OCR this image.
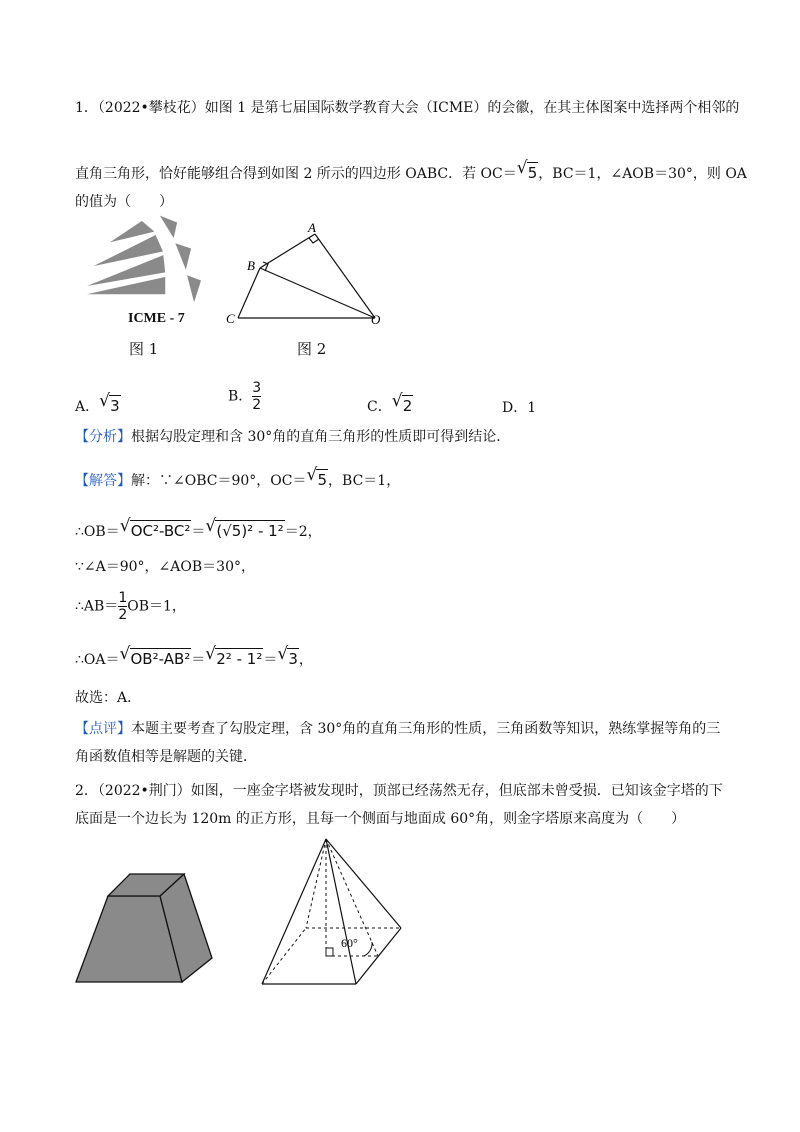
1．（2022•攀枝花）如图 1 是第七届国际数学教育大会（ICME）的会徽，在其主体图案中选择两个相邻的
直角三角形，恰好能够组合得到如图 2 所示的四边形 OABC．若 OC＝ √ 5，BC＝1，∠AOB＝30°，则 OA
的值为（　　）
ICME - 7
图 1
A
B
C	O
图 2
A． √ 3
B． $\frac{3}{2}$	C． √ 2	D．1
【分析】根据勾股定理和含 30°角的直角三角形的性质即可得到结论．
【解答】解：∵∠OBC＝90°，OC＝ √ 5，BC＝1，
∴OB＝ √ OC²-BC²＝ √ (√5)² - 1²＝2，
∵∠A＝90°，∠AOB＝30°，
∴AB＝ $\frac{1}{2} OB=1$，
∴OA＝ √ OB²-AB²＝ √ 2² - 1²＝ √ 3，
故选：A．
【点评】本题主要考查了勾股定理，含 30°角的直角三角形的性质，三角函数等知识，熟练掌握等角的三
角函数值相等是解题的关键．
2．（2022•荆门）如图，一座金字塔被发现时，顶部已经荡然无存，但底部未曾受损．已知该金字塔的下
底面是一个边长为 120m 的正方形，且每一个侧面与地面成 60°角，则金字塔原来高度为（　　）
60°
